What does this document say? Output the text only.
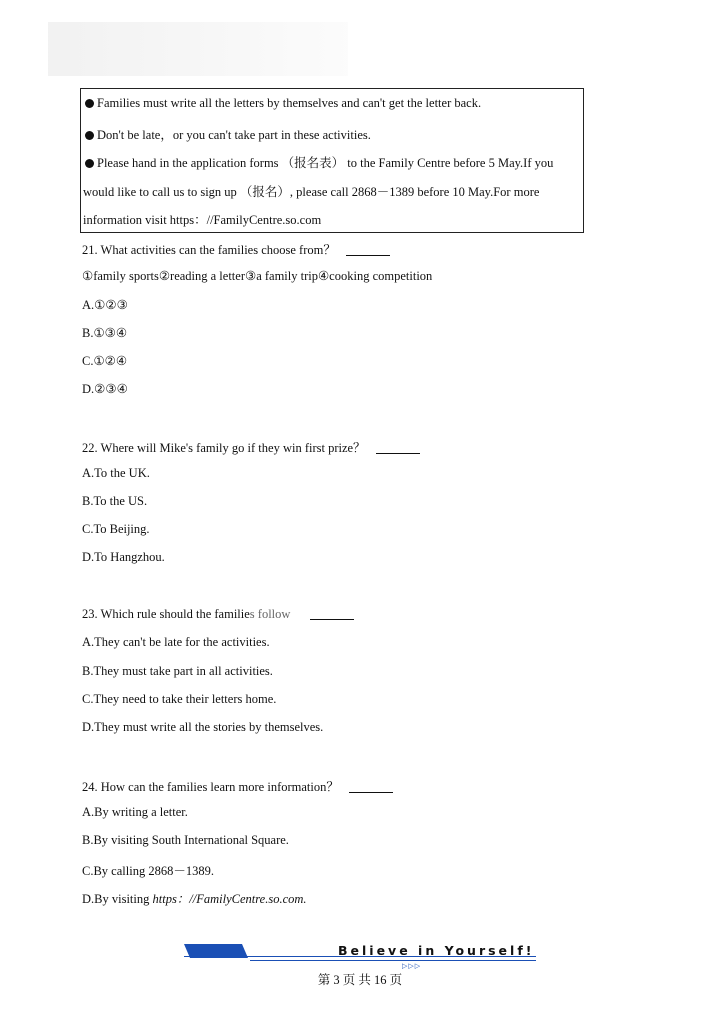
Families must write all the letters by themselves and can't get the letter back.
Don't be late，or you can't take part in these activities.
Please hand in the application forms （报名表） to the Family Centre before 5 May.If you
would like to call us to sign up （报名）, please call 2868－1389 before 10 May.For more
information visit https：//FamilyCentre.so.com
21. What activities can the families choose from？
①family sports②reading a letter③a family trip④cooking competition
A.①②③
B.①③④
C.①②④
D.②③④
22. Where will Mike's family go if they win first prize？
A.To the UK.
B.To the US.
C.To Beijing.
D.To Hangzhou.
23. Which rule should the families follow
A.They can't be late for the activities.
B.They must take part in all activities.
C.They need to take their letters home.
D.They must write all the stories by themselves.
24. How can the families learn more information？
A.By writing a letter.
B.By visiting South International Square.
C.By calling 2868－1389.
D.By visiting https：//FamilyCentre.so.com.
Believe in Yourself!
▷▷▷
第 3 页 共 16 页
